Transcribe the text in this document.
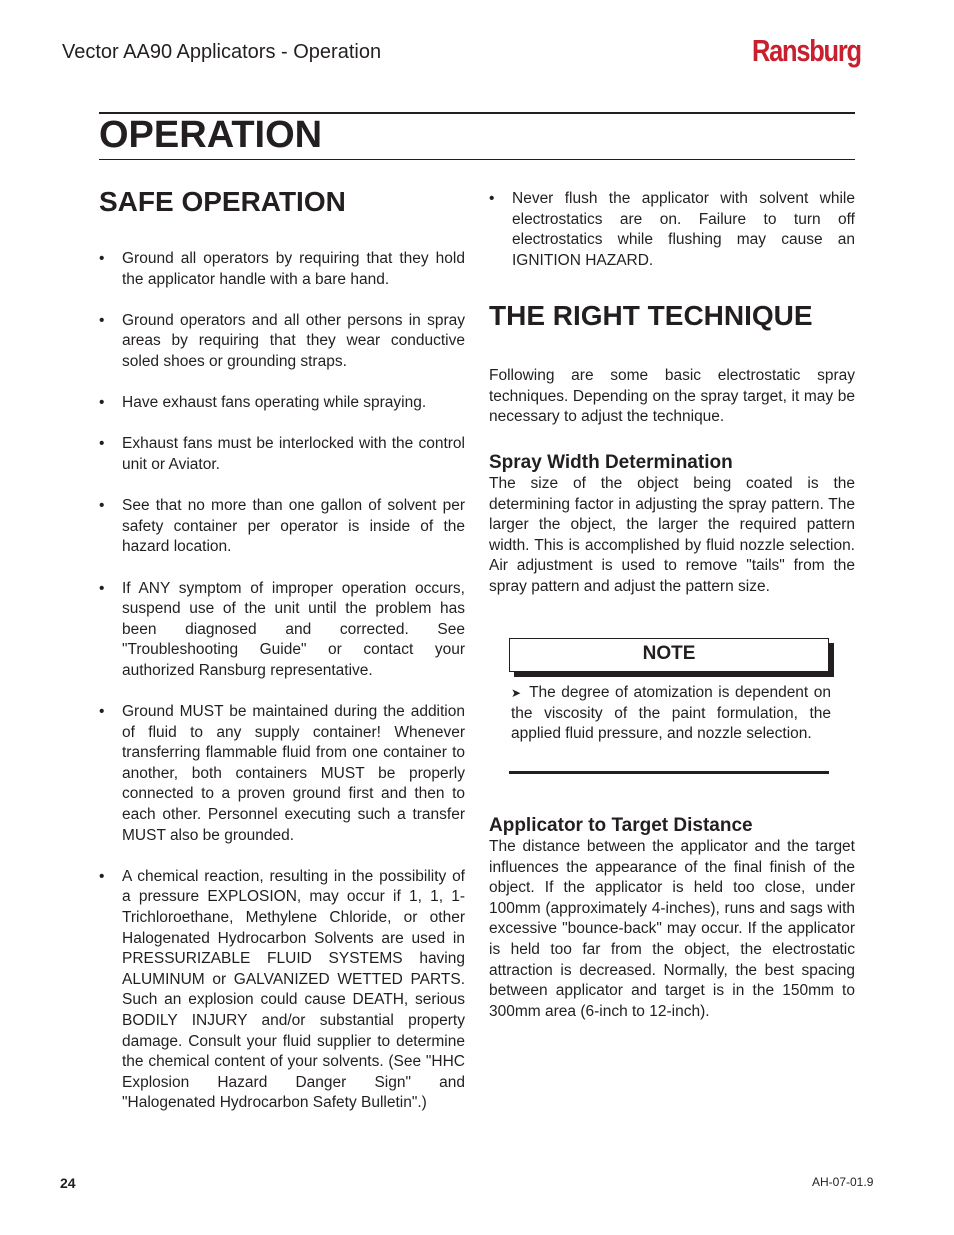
Vector AA90 Applicators - Operation	Ransburg
OPERATION
SAFE OPERATION
• Ground all operators by requiring that they hold the applicator handle with a bare hand.
• Ground operators and all other persons in spray areas by requiring that they wear conductive soled shoes or grounding straps.
• Have exhaust fans operating while spraying.
• Exhaust fans must be interlocked with the control unit or Aviator.
• See that no more than one gallon of solvent per safety container per operator is inside of the hazard location.
• If ANY symptom of improper operation occurs, suspend use of the unit until the problem has been diagnosed and corrected. See "Troubleshooting Guide" or contact your authorized Ransburg representative.
• Ground MUST be maintained during the addition of fluid to any supply container! Whenever transferring flammable fluid from one container to another, both containers MUST be properly connected to a proven ground first and then to each other. Personnel executing such a transfer MUST also be grounded.
• A chemical reaction, resulting in the possibility of a pressure EXPLOSION, may occur if 1, 1, 1-Trichloroethane, Methylene Chloride, or other Halogenated Hydrocarbon Solvents are used in PRESSURIZABLE FLUID SYSTEMS having ALUMINUM or GALVANIZED WETTED PARTS. Such an explosion could cause DEATH, serious BODILY INJURY and/or substantial property damage. Consult your fluid supplier to determine the chemical content of your solvents. (See "HHC Explosion Hazard Danger Sign" and "Halogenated Hydrocarbon Safety Bulletin".)
• Never flush the applicator with solvent while electrostatics are on. Failure to turn off electrostatics while flushing may cause an IGNITION HAZARD.
THE RIGHT TECHNIQUE

Following are some basic electrostatic spray techniques. Depending on the spray target, it may be necessary to adjust the technique.

Spray Width Determination

The size of the object being coated is the determining factor in adjusting the spray pattern. The larger the object, the larger the required pattern width. This is accomplished by fluid nozzle selection. Air adjustment is used to remove "tails" from the spray pattern and adjust the pattern size.

NOTE

➤ The degree of atomization is dependent on the viscosity of the paint formulation, the applied fluid pressure, and nozzle selection.

Applicator to Target Distance

The distance between the applicator and the target influences the appearance of the final finish of the object. If the applicator is held too close, under 100mm (approximately 4-inches), runs and sags with excessive "bounce-back" may occur. If the applicator is held too far from the object, the electrostatic attraction is decreased. Normally, the best spacing between applicator and target is in the 150mm to 300mm area (6-inch to 12-inch).

24	AH-07-01.9
